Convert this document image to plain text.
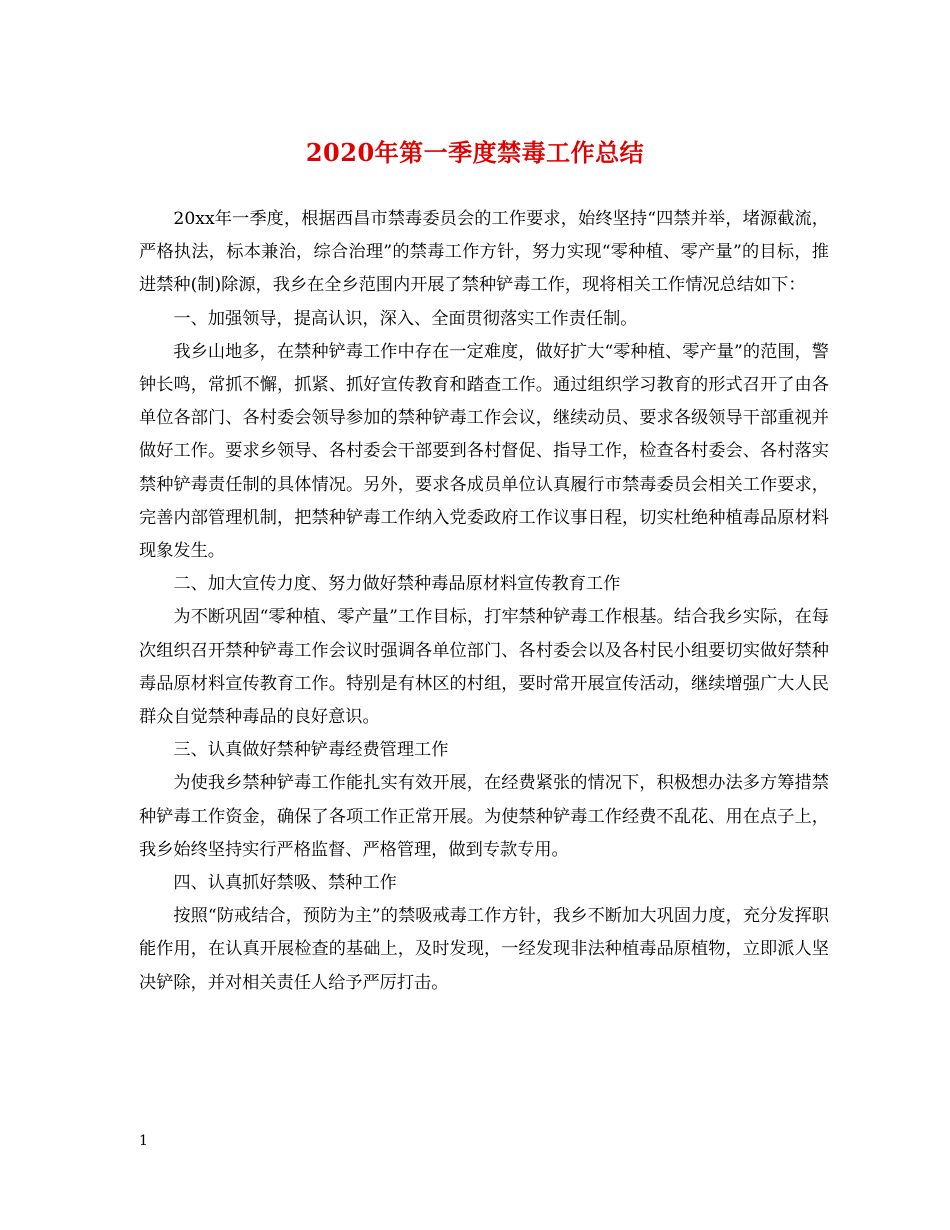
2020年第一季度禁毒工作总结

20xx年一季度，根据西昌市禁毒委员会的工作要求，始终坚持“四禁并举，堵源截流，严格执法，标本兼治，综合治理”的禁毒工作方针，努力实现“零种植、零产量”的目标，推进禁种(制)除源，我乡在全乡范围内开展了禁种铲毒工作，现将相关工作情况总结如下：

一、加强领导，提高认识，深入、全面贯彻落实工作责任制。

我乡山地多，在禁种铲毒工作中存在一定难度，做好扩大“零种植、零产量”的范围，警钟长鸣，常抓不懈，抓紧、抓好宣传教育和踏查工作。通过组织学习教育的形式召开了由各单位各部门、各村委会领导参加的禁种铲毒工作会议，继续动员、要求各级领导干部重视并做好工作。要求乡领导、各村委会干部要到各村督促、指导工作，检查各村委会、各村落实禁种铲毒责任制的具体情况。另外，要求各成员单位认真履行市禁毒委员会相关工作要求，完善内部管理机制，把禁种铲毒工作纳入党委政府工作议事日程，切实杜绝种植毒品原材料现象发生。

二、加大宣传力度、努力做好禁种毒品原材料宣传教育工作

为不断巩固“零种植、零产量”工作目标，打牢禁种铲毒工作根基。结合我乡实际，在每次组织召开禁种铲毒工作会议时强调各单位部门、各村委会以及各村民小组要切实做好禁种毒品原材料宣传教育工作。特别是有林区的村组，要时常开展宣传活动，继续增强广大人民群众自觉禁种毒品的良好意识。

三、认真做好禁种铲毒经费管理工作

为使我乡禁种铲毒工作能扎实有效开展，在经费紧张的情况下，积极想办法多方筹措禁种铲毒工作资金，确保了各项工作正常开展。为使禁种铲毒工作经费不乱花、用在点子上，我乡始终坚持实行严格监督、严格管理，做到专款专用。

四、认真抓好禁吸、禁种工作

按照“防戒结合，预防为主”的禁吸戒毒工作方针，我乡不断加大巩固力度，充分发挥职能作用，在认真开展检查的基础上，及时发现，一经发现非法种植毒品原植物，立即派人坚决铲除，并对相关责任人给予严厉打击。

1
